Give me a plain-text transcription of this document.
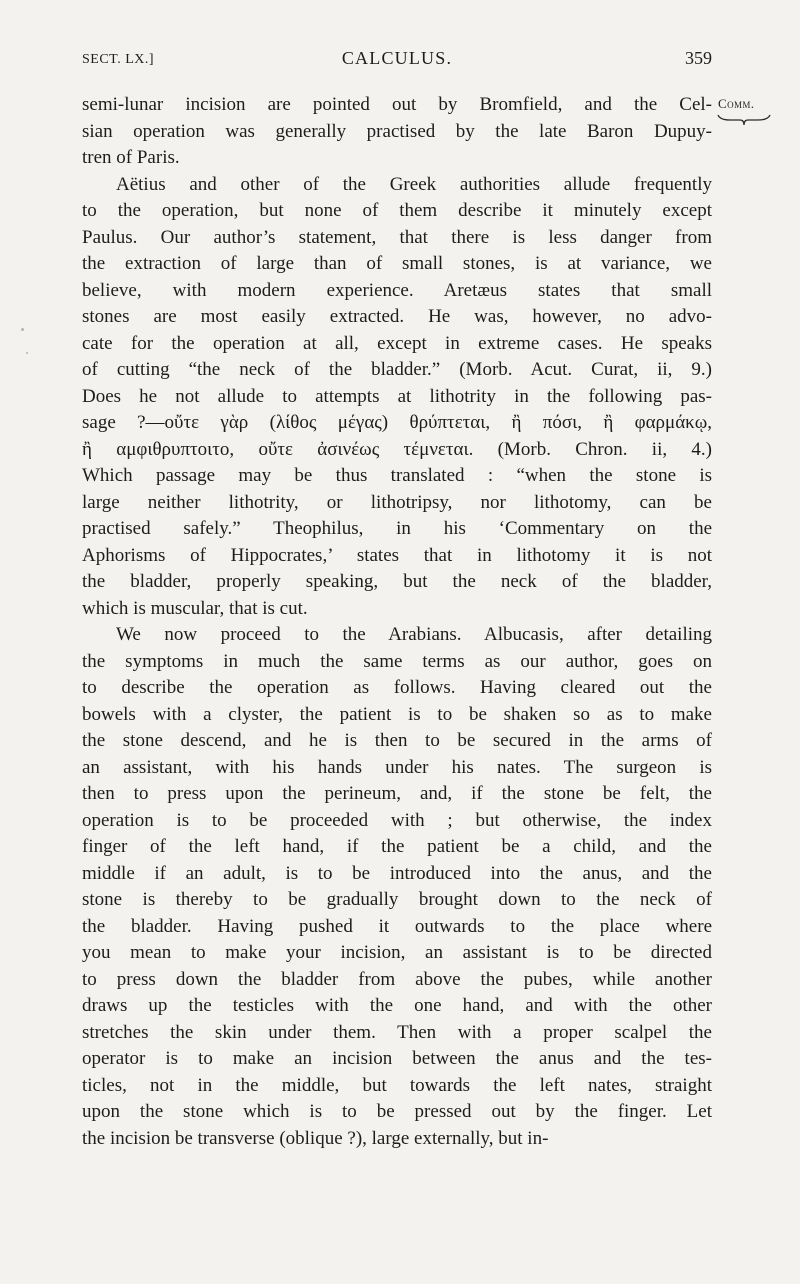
SECT. LX.]	CALCULUS.	359
Comm.
semi-lunar incision are pointed out by Bromfield, and the Cel-
sian operation was generally practised by the late Baron Dupuy-
tren of Paris.
Aëtius and other of the Greek authorities allude frequently
to the operation, but none of them describe it minutely except
Paulus. Our author’s statement, that there is less danger from
the extraction of large than of small stones, is at variance, we
believe, with modern experience. Aretæus states that small
stones are most easily extracted. He was, however, no advo-
cate for the operation at all, except in extreme cases. He speaks
of cutting “the neck of the bladder.” (Morb. Acut. Curat, ii, 9.)
Does he not allude to attempts at lithotrity in the following pas-
sage ?—οὔτε γὰρ (λίθος μέγας) θρύπτεται, ἢ πόσι, ἢ φαρμάκῳ,
ἢ αμφιθρυπτοιτο, οὔτε ἀσινέως τέμνεται. (Morb. Chron. ii, 4.)
Which passage may be thus translated : “when the stone is
large neither lithotrity, or lithotripsy, nor lithotomy, can be
practised safely.” Theophilus, in his ‘Commentary on the
Aphorisms of Hippocrates,’ states that in lithotomy it is not
the bladder, properly speaking, but the neck of the bladder,
which is muscular, that is cut.
We now proceed to the Arabians. Albucasis, after detailing
the symptoms in much the same terms as our author, goes on
to describe the operation as follows. Having cleared out the
bowels with a clyster, the patient is to be shaken so as to make
the stone descend, and he is then to be secured in the arms of
an assistant, with his hands under his nates. The surgeon is
then to press upon the perineum, and, if the stone be felt, the
operation is to be proceeded with ; but otherwise, the index
finger of the left hand, if the patient be a child, and the
middle if an adult, is to be introduced into the anus, and the
stone is thereby to be gradually brought down to the neck of
the bladder. Having pushed it outwards to the place where
you mean to make your incision, an assistant is to be directed
to press down the bladder from above the pubes, while another
draws up the testicles with the one hand, and with the other
stretches the skin under them. Then with a proper scalpel the
operator is to make an incision between the anus and the tes-
ticles, not in the middle, but towards the left nates, straight
upon the stone which is to be pressed out by the finger. Let
the incision be transverse (oblique ?), large externally, but in-
